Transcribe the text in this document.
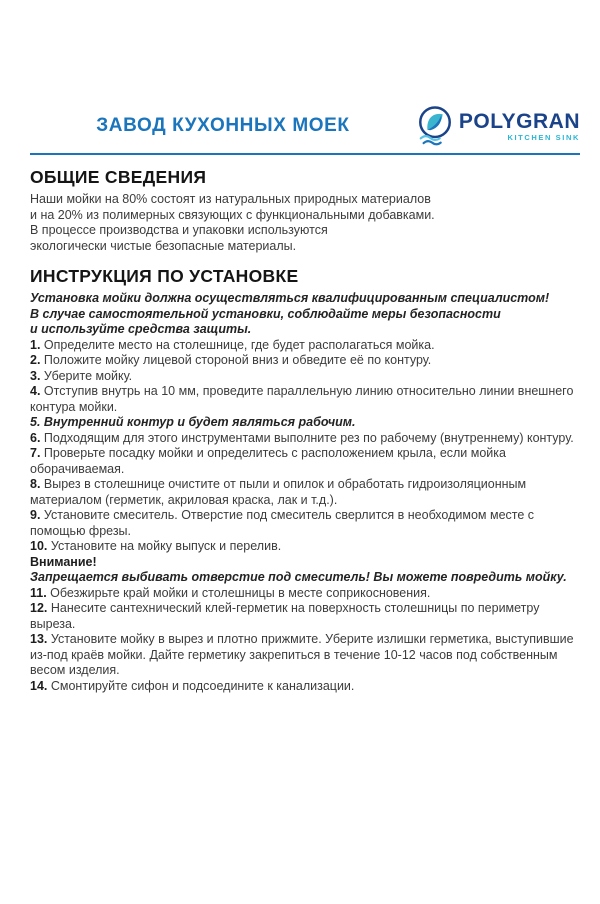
ЗАВОД КУХОННЫХ МОЕК	POLYGRAN
KITCHEN SINK
ОБЩИЕ СВЕДЕНИЯ

Наши мойки на 80% состоят из натуральных природных материалов
и на 20% из полимерных связующих с функциональными добавками.
В процессе производства и упаковки используются
экологически чистые безопасные материалы.

ИНСТРУКЦИЯ ПО УСТАНОВКЕ

Установка мойки должна осуществляться квалифицированным специалистом!
В случае самостоятельной установки, соблюдайте меры безопасности
и используйте средства защиты.

1. Определите место на столешнице, где будет располагаться мойка.

2. Положите мойку лицевой стороной вниз и обведите её по контуру.

3. Уберите мойку.

4. Отступив внутрь на 10 мм, проведите параллельную линию относительно линии внешнего контура мойки.

5. Внутренний контур и будет являться рабочим.

6. Подходящим для этого инструментами выполните рез по рабочему (внутреннему) контуру.

7. Проверьте посадку мойки и определитесь с расположением крыла, если мойка оборачиваемая.

8. Вырез в столешнице очистите от пыли и опилок и обработать гидроизоляционным материалом (герметик, акриловая краска, лак и т.д.).

9. Установите смеситель. Отверстие под смеситель сверлится в необходимом месте с помощью фрезы.

10. Установите на мойку выпуск и перелив.

Внимание!

Запрещается выбивать отверстие под смеситель! Вы можете повредить мойку.

11. Обезжирьте край мойки и столешницы в месте соприкосновения.

12. Нанесите сантехнический клей-герметик на поверхность столешницы по периметру выреза.

13. Установите мойку в вырез и плотно прижмите. Уберите излишки герметика, выступившие из-под краёв мойки. Дайте герметику закрепиться в течение 10-12 часов под собственным весом изделия.

14. Смонтируйте сифон и подсоедините к канализации.
